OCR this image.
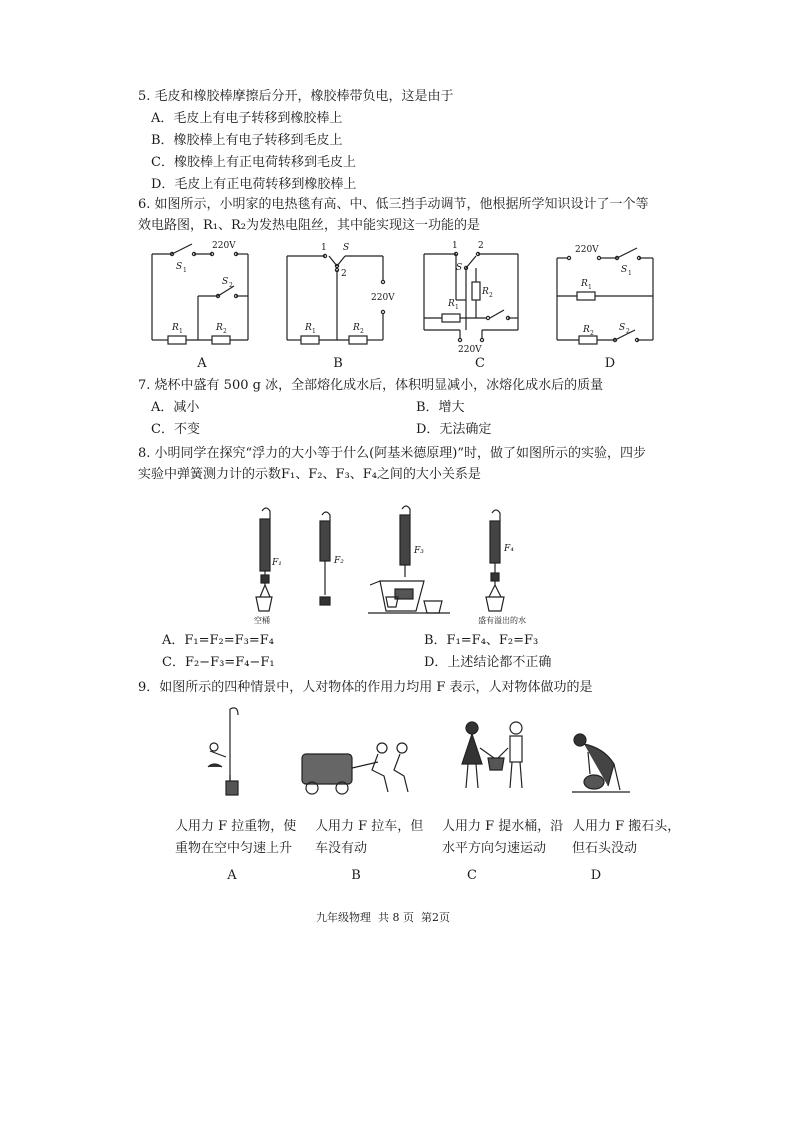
5. 毛皮和橡胶棒摩擦后分开，橡胶棒带负电，这是由于
A．毛皮上有电子转移到橡胶棒上
B．橡胶棒上有电子转移到毛皮上
C．橡胶棒上有正电荷转移到毛皮上
D．毛皮上有正电荷转移到橡胶棒上
6. 如图所示，小明家的电热毯有高、中、低三挡手动调节，他根据所学知识设计了一个等
效电路图，R₁、R₂为发热电阻丝，其中能实现这一功能的是
220V
S 1
S 2
R 1	R 2
1 S
2
220V
R 1	R 2
1 2
S
R 1
R 2
220V
220V
S 1
R 1
R 2
S 2
A	B	C	D
7. 烧杯中盛有 500 g 冰，全部熔化成水后，体积明显减小，冰熔化成水后的质量
A．减小	B．增大
C．不变	D．无法确定
8. 小明同学在探究“浮力的大小等于什么(阿基米德原理)”时，做了如图所示的实验，四步
实验中弹簧测力计的示数F₁、F₂、F₃、F₄之间的大小关系是
F₁	F₂
F₃	F₄
空桶	盛有溢出的水
A．F₁=F₂=F₃=F₄	B．F₁=F₄、F₂=F₃
C．F₂−F₃=F₄−F₁	D．上述结论都不正确
9．如图所示的四种情景中，人对物体的作用力均用 F 表示，人对物体做功的是
人用力 F 拉重物，使
重物在空中匀速上升
人用力 F 拉车，但
车没有动
人用力 F 提水桶，沿
水平方向匀速运动
人用力 F 搬石头，
但石头没动
A	B	C	D
九年级物理  共 8 页  第2页
